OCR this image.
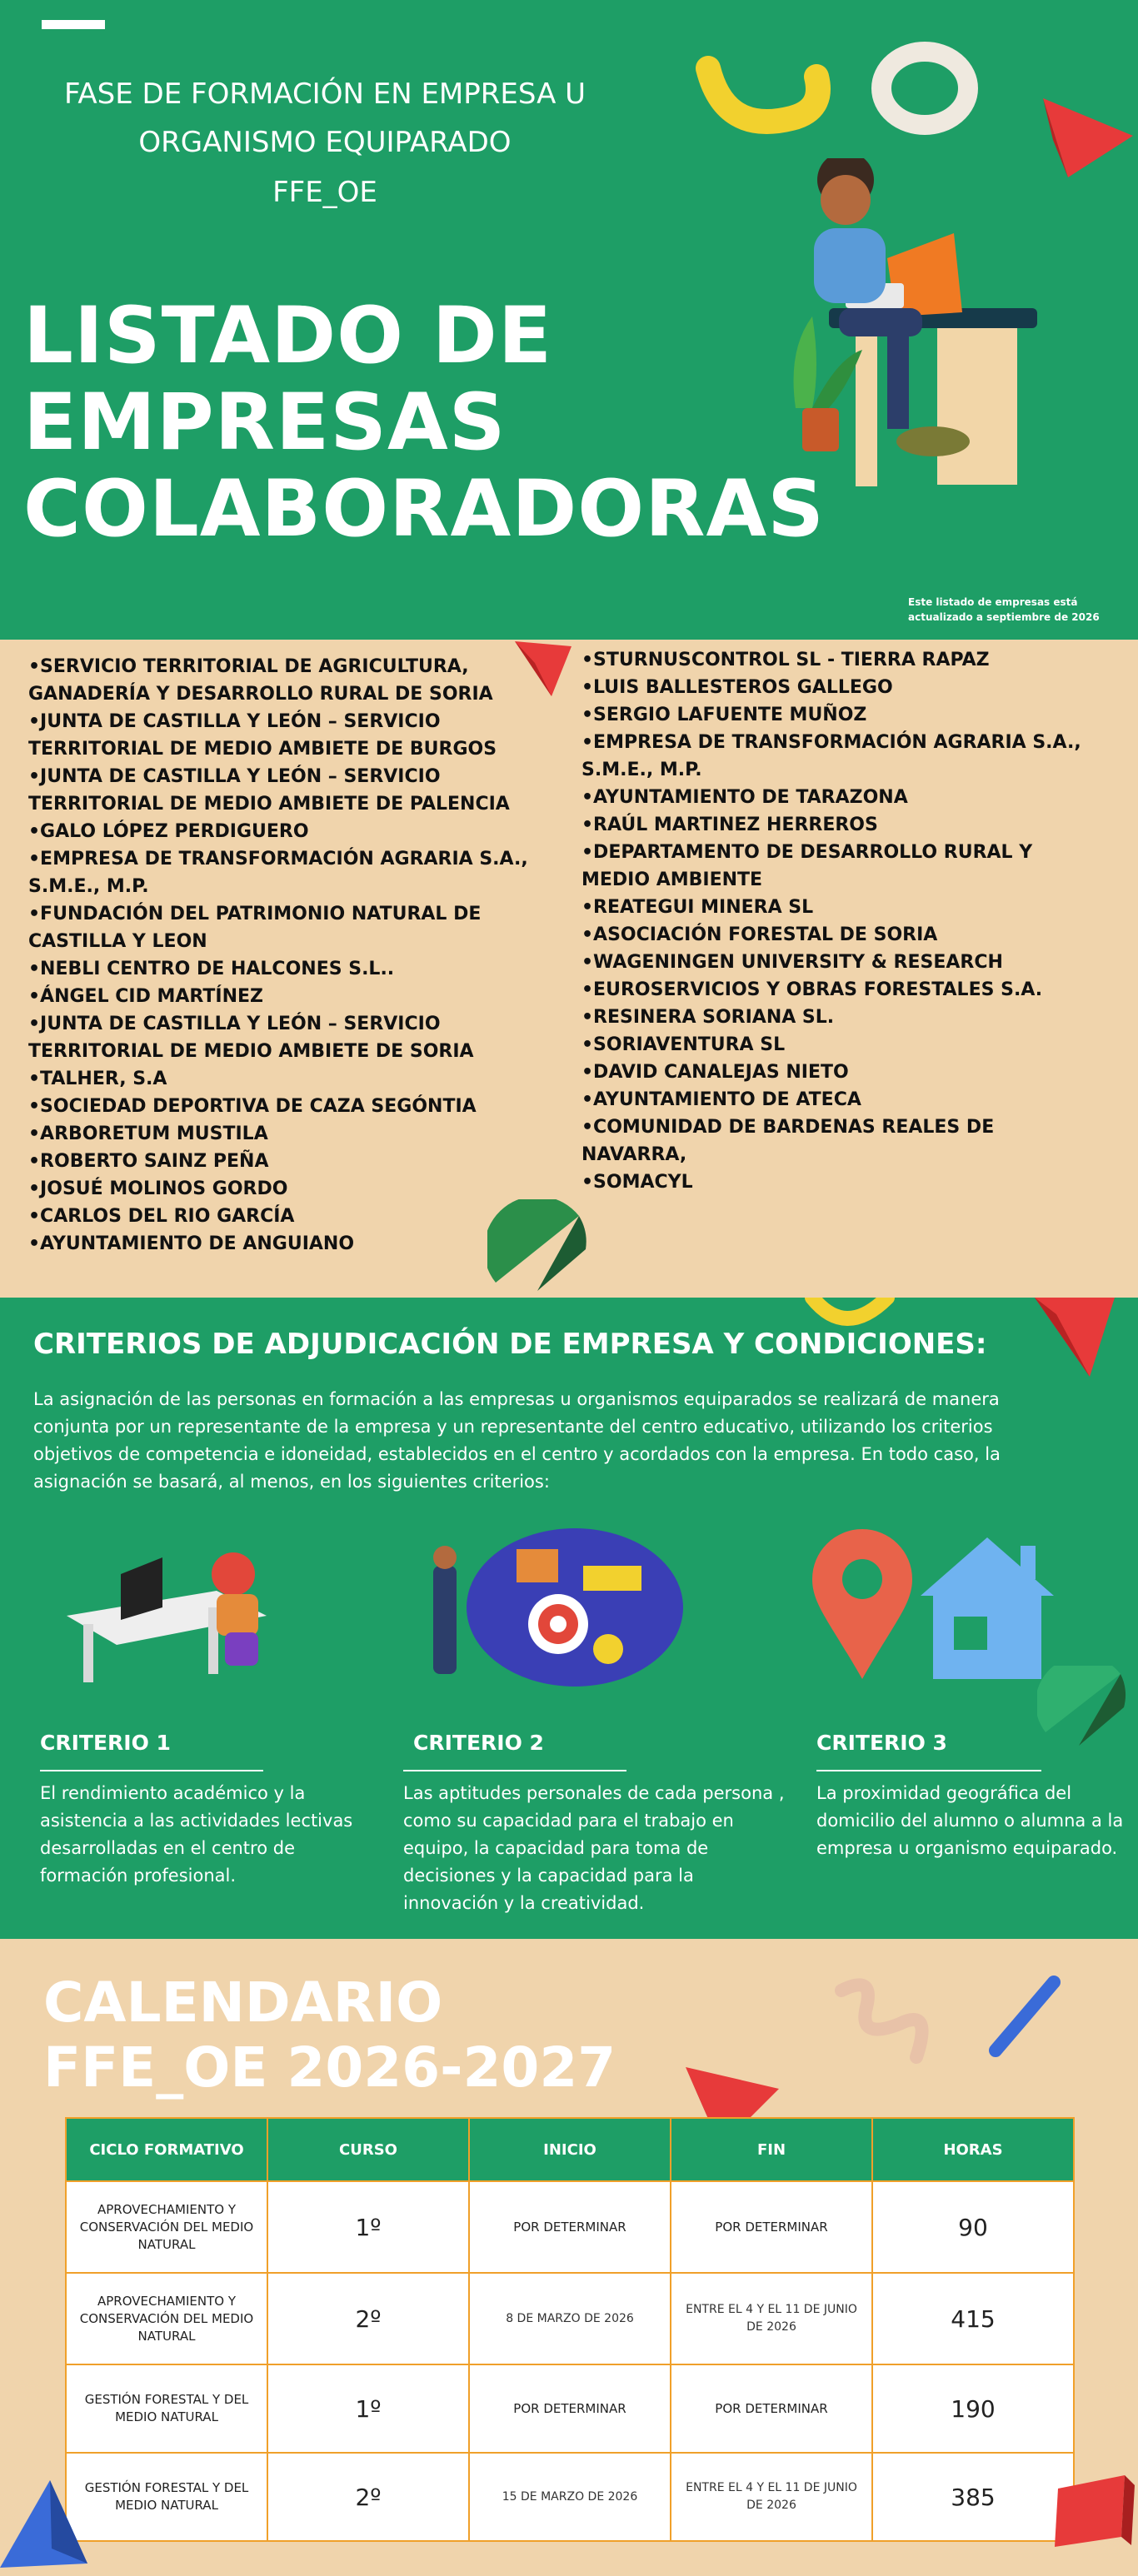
FASE DE FORMACIÓN EN EMPRESA U
ORGANISMO EQUIPARADO
FFE_OE
LISTADO DE
EMPRESAS
COLABORADORAS
Este listado de empresas está actualizado a septiembre de 2026
•SERVICIO TERRITORIAL DE AGRICULTURA, GANADERÍA Y DESARROLLO RURAL DE SORIA
•JUNTA DE CASTILLA Y LEÓN – SERVICIO TERRITORIAL DE MEDIO AMBIETE DE BURGOS
•JUNTA DE CASTILLA Y LEÓN – SERVICIO TERRITORIAL DE MEDIO AMBIETE DE PALENCIA
•GALO LÓPEZ PERDIGUERO
•EMPRESA DE TRANSFORMACIÓN AGRARIA S.A., S.M.E., M.P.
•FUNDACIÓN DEL PATRIMONIO NATURAL DE CASTILLA Y LEON
•NEBLI CENTRO DE HALCONES S.L..
•ÁNGEL CID MARTÍNEZ
•JUNTA DE CASTILLA Y LEÓN – SERVICIO TERRITORIAL DE MEDIO AMBIETE DE SORIA
•TALHER, S.A
•SOCIEDAD DEPORTIVA DE CAZA SEGÓNTIA
•ARBORETUM MUSTILA
•ROBERTO SAINZ PEÑA
•JOSUÉ MOLINOS GORDO
•CARLOS DEL RIO GARCÍA
•AYUNTAMIENTO DE ANGUIANO
•STURNUSCONTROL SL - TIERRA RAPAZ
•LUIS BALLESTEROS GALLEGO
•SERGIO LAFUENTE MUÑOZ
•EMPRESA DE TRANSFORMACIÓN AGRARIA S.A., S.M.E., M.P.
•AYUNTAMIENTO DE TARAZONA
•RAÚL MARTINEZ HERREROS
•DEPARTAMENTO DE DESARROLLO RURAL Y MEDIO AMBIENTE
•REATEGUI MINERA SL
•ASOCIACIÓN FORESTAL DE SORIA
•WAGENINGEN UNIVERSITY & RESEARCH
•EUROSERVICIOS Y OBRAS FORESTALES S.A.
•RESINERA SORIANA SL.
•SORIAVENTURA SL
•DAVID CANALEJAS NIETO
•AYUNTAMIENTO DE ATECA
•COMUNIDAD DE BARDENAS REALES DE NAVARRA,
•SOMACYL
CRITERIOS DE ADJUDICACIÓN DE EMPRESA Y CONDICIONES:

La asignación de las personas en formación a las empresas u organismos equiparados se realizará de manera conjunta por un representante de la empresa y un representante del centro educativo, utilizando los criterios objetivos de competencia e idoneidad, establecidos en el centro y acordados con la empresa. En todo caso, la asignación se basará, al menos, en los siguientes criterios:

CRITERIO 1
El rendimiento académico y la asistencia a las actividades lectivas desarrolladas en el centro de formación profesional.
CRITERIO 2
Las aptitudes personales de cada persona , como su capacidad para el trabajo en equipo, la capacidad para toma de decisiones y la capacidad para la innovación y la creatividad.
CRITERIO 3
La proximidad geográfica del domicilio del alumno o alumna a la empresa u organismo equiparado.
CALENDARIO
FFE_OE 2026-2027
CICLO FORMATIVO	CURSO	INICIO	FIN	HORAS
APROVECHAMIENTO Y CONSERVACIÓN DEL MEDIO NATURAL	1º	POR DETERMINAR	POR DETERMINAR	90
APROVECHAMIENTO Y CONSERVACIÓN DEL MEDIO NATURAL	2º	8 DE MARZO DE 2026	ENTRE EL 4 Y EL 11 DE JUNIO DE 2026	415
GESTIÓN FORESTAL Y DEL MEDIO NATURAL	1º	POR DETERMINAR	POR DETERMINAR	190
GESTIÓN FORESTAL Y DEL MEDIO NATURAL	2º	15 DE MARZO DE 2026	ENTRE EL 4 Y EL 11 DE JUNIO DE 2026	385
